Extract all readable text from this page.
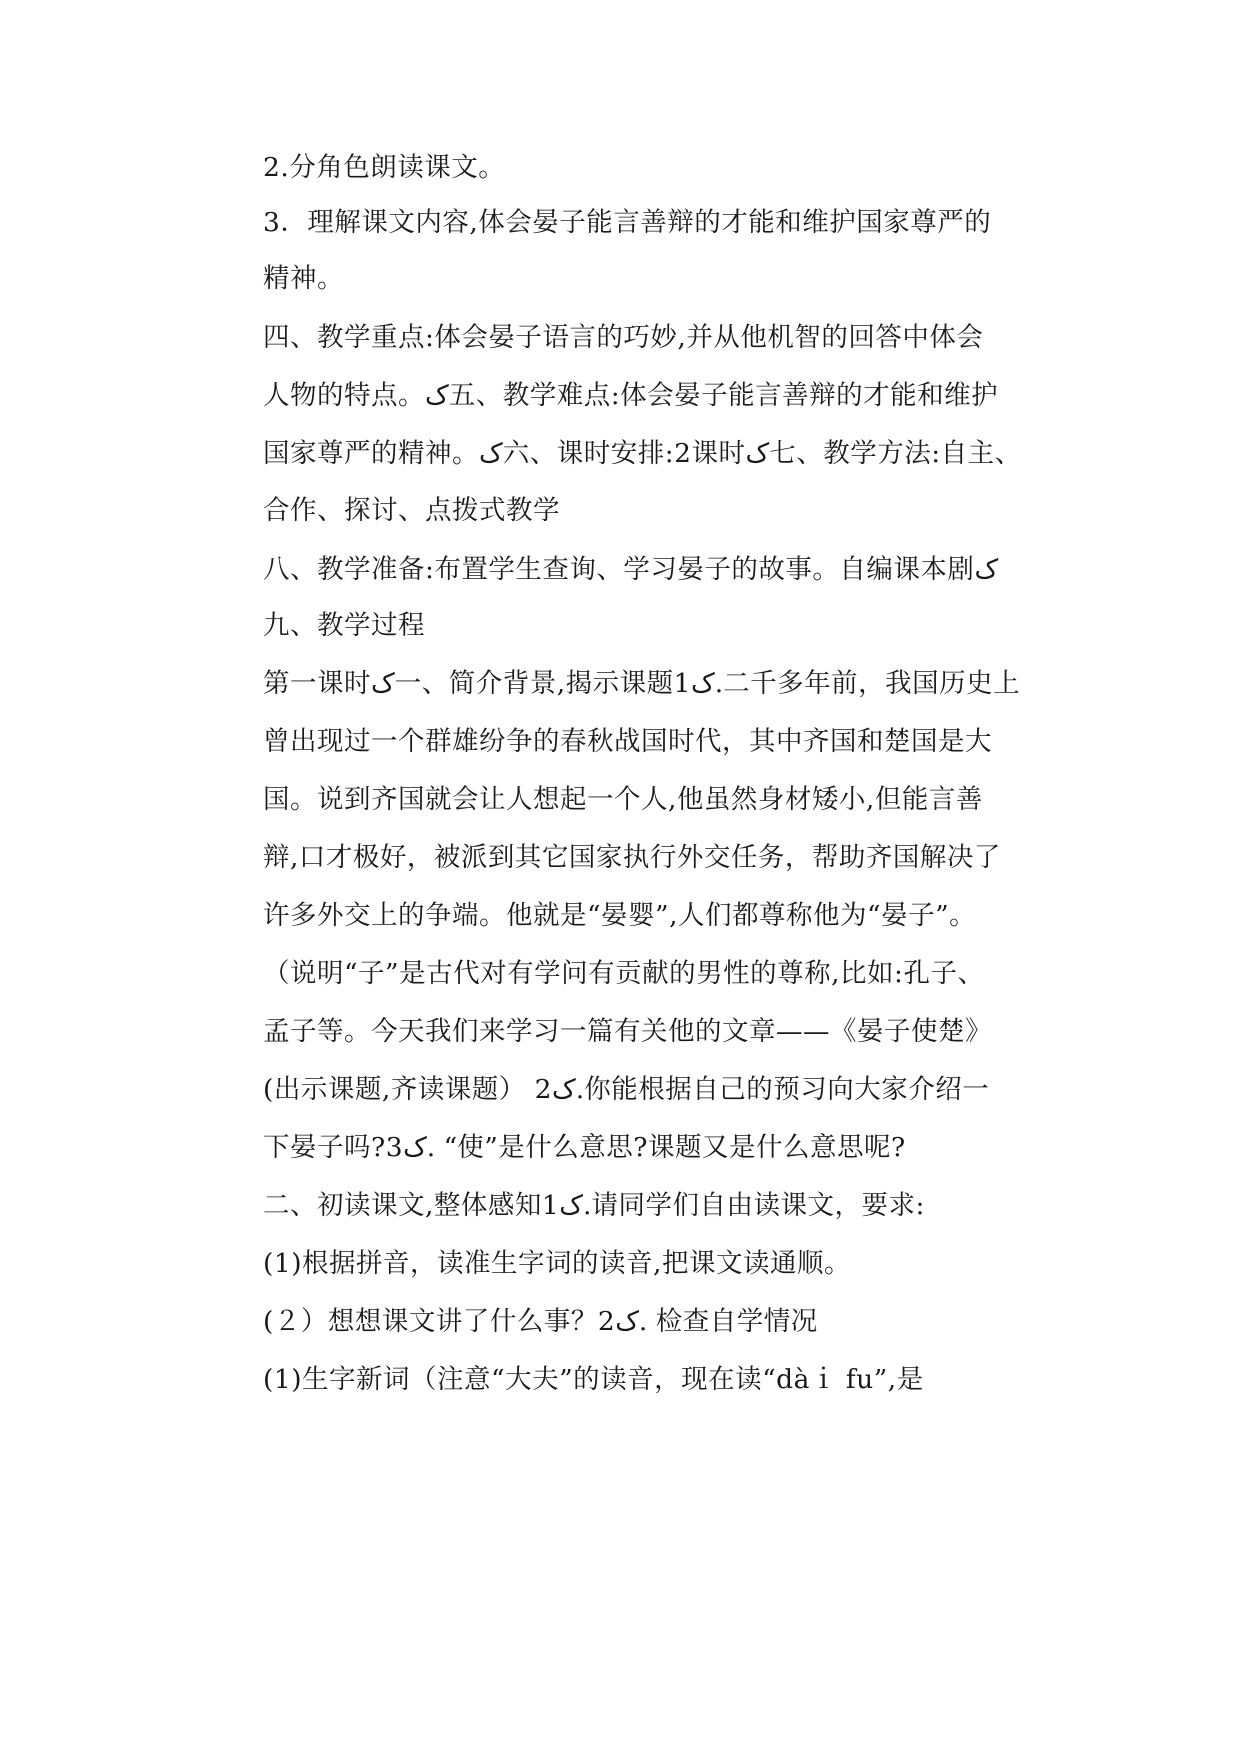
2.分角色朗读课文。
3．理解课文内容,体会晏子能言善辩的才能和维护国家尊严的
精神。
四、教学重点:体会晏子语言的巧妙,并从他机智的回答中体会
人物的特点。ک五、教学难点:体会晏子能言善辩的才能和维护
国家尊严的精神。ک六、课时安排:2课时ک七、教学方法:自主、
合作、探讨、点拨式教学
八、教学准备:布置学生查询、学习晏子的故事。自编课本剧ک
九、教学过程
第一课时ک一、简介背景,揭示课题1ک.二千多年前，我国历史上
曾出现过一个群雄纷争的春秋战国时代，其中齐国和楚国是大
国。说到齐国就会让人想起一个人,他虽然身材矮小,但能言善
辩,口才极好，被派到其它国家执行外交任务，帮助齐国解决了
许多外交上的争端。他就是“晏婴”,人们都尊称他为“晏子”。
（说明“子”是古代对有学问有贡献的男性的尊称,比如:孔子、
孟子等。今天我们来学习一篇有关他的文章——《晏子使楚》
(出示课题,齐读课题） 2ک.你能根据自己的预习向大家介绍一
下晏子吗?3ک. “使”是什么意思?课题又是什么意思呢?
二、初读课文,整体感知1ک.请同学们自由读课文，要求:
(1)根据拼音，读准生字词的读音,把课文读通顺。
(２）想想课文讲了什么事？2ک. 检查自学情况
(1)生字新词（注意“大夫”的读音，现在读“dàｉ fu”,是
